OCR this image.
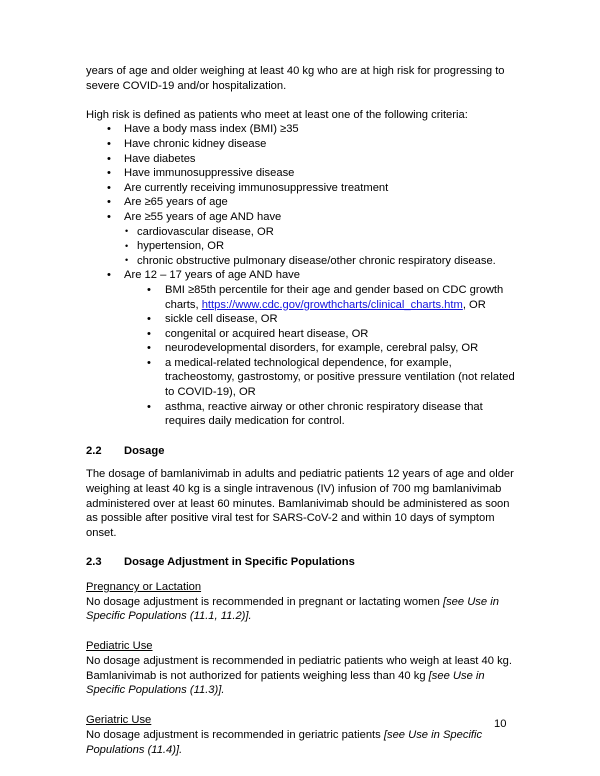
years of age and older weighing at least 40 kg who are at high risk for progressing to severe COVID-19 and/or hospitalization.

High risk is defined as patients who meet at least one of the following criteria:

• Have a body mass index (BMI) ≥35
• Have chronic kidney disease
• Have diabetes
• Have immunosuppressive disease
• Are currently receiving immunosuppressive treatment
• Are ≥65 years of age
• Are ≥55 years of age AND have
• cardiovascular disease, OR
• hypertension, OR
• chronic obstructive pulmonary disease/other chronic respiratory disease.
• Are 12 – 17 years of age AND have
• BMI ≥85th percentile for their age and gender based on CDC growth charts, https://www.cdc.gov/growthcharts/clinical_charts.htm, OR
• sickle cell disease, OR
• congenital or acquired heart disease, OR
• neurodevelopmental disorders, for example, cerebral palsy, OR
• a medical-related technological dependence, for example, tracheostomy, gastrostomy, or positive pressure ventilation (not related to COVID-19), OR
• asthma, reactive airway or other chronic respiratory disease that requires daily medication for control.
2.2	Dosage

The dosage of bamlanivimab in adults and pediatric patients 12 years of age and older weighing at least 40 kg is a single intravenous (IV) infusion of 700 mg bamlanivimab administered over at least 60 minutes. Bamlanivimab should be administered as soon as possible after positive viral test for SARS-CoV-2 and within 10 days of symptom onset.

2.3	Dosage Adjustment in Specific Populations
Pregnancy or Lactation

No dosage adjustment is recommended in pregnant or lactating women [see Use in Specific Populations (11.1, 11.2)].

Pediatric Use

No dosage adjustment is recommended in pediatric patients who weigh at least 40 kg. Bamlanivimab is not authorized for patients weighing less than 40 kg [see Use in Specific Populations (11.3)].

Geriatric Use

No dosage adjustment is recommended in geriatric patients [see Use in Specific Populations (11.4)].

10
